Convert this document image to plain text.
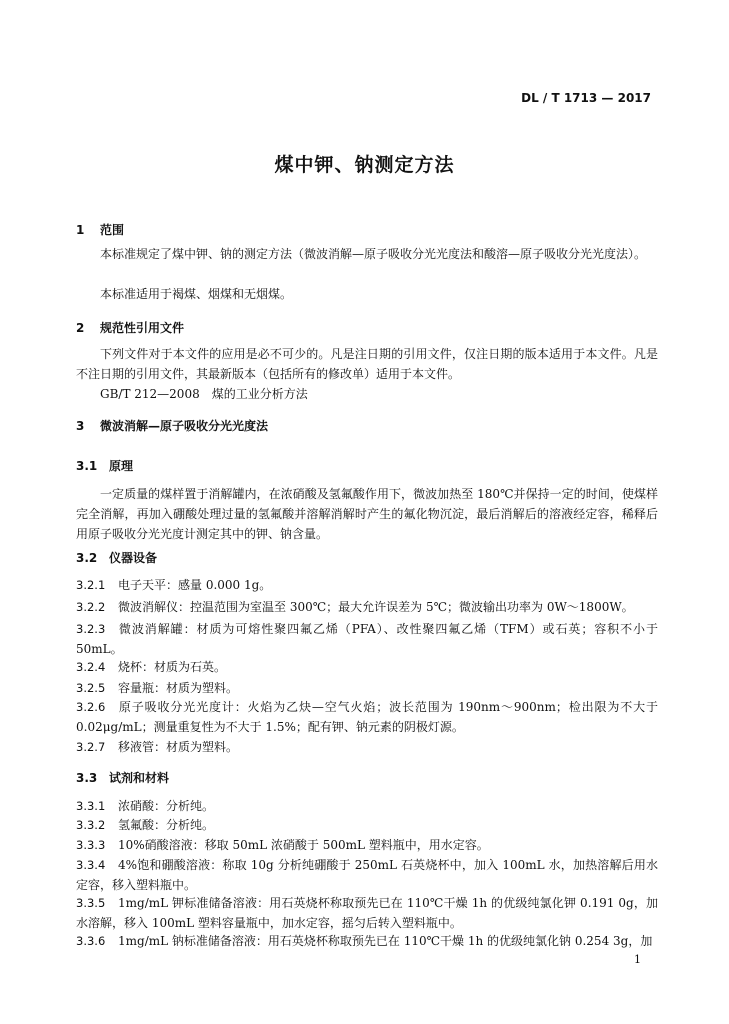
DL / T 1713 — 2017
煤中钾、钠测定方法
1 范围
本标准规定了煤中钾、钠的测定方法（微波消解—原子吸收分光光度法和酸溶—原子吸收分光光度法）。
本标准适用于褐煤、烟煤和无烟煤。
2 规范性引用文件
下列文件对于本文件的应用是必不可少的。凡是注日期的引用文件，仅注日期的版本适用于本文件。凡是不注日期的引用文件，其最新版本（包括所有的修改单）适用于本文件。
GB/T 212—2008　煤的工业分析方法
3 微波消解—原子吸收分光光度法
3.1 原理
一定质量的煤样置于消解罐内，在浓硝酸及氢氟酸作用下，微波加热至 180℃并保持一定的时间，使煤样完全消解，再加入硼酸处理过量的氢氟酸并溶解消解时产生的氟化物沉淀，最后消解后的溶液经定容，稀释后用原子吸收分光光度计测定其中的钾、钠含量。
3.2 仪器设备
3.2.1 电子天平：感量 0.000 1g。
3.2.2 微波消解仪：控温范围为室温至 300℃；最大允许误差为 5℃；微波输出功率为 0W～1800W。
3.2.3 微波消解罐：材质为可熔性聚四氟乙烯（PFA）、改性聚四氟乙烯（TFM）或石英；容积不小于 50mL。
3.2.4 烧杯：材质为石英。
3.2.5 容量瓶：材质为塑料。
3.2.6 原子吸收分光光度计：火焰为乙炔—空气火焰；波长范围为 190nm～900nm；检出限为不大于 0.02μg/mL；测量重复性为不大于 1.5%；配有钾、钠元素的阴极灯源。
3.2.7 移液管：材质为塑料。
3.3 试剂和材料
3.3.1 浓硝酸：分析纯。
3.3.2 氢氟酸：分析纯。
3.3.3 10%硝酸溶液：移取 50mL 浓硝酸于 500mL 塑料瓶中，用水定容。
3.3.4 4%饱和硼酸溶液：称取 10g 分析纯硼酸于 250mL 石英烧杯中，加入 100mL 水，加热溶解后用水定容，移入塑料瓶中。
3.3.5 1mg/mL 钾标准储备溶液：用石英烧杯称取预先已在 110℃干燥 1h 的优级纯氯化钾 0.191 0g，加水溶解，移入 100mL 塑料容量瓶中，加水定容，摇匀后转入塑料瓶中。
3.3.6 1mg/mL 钠标准储备溶液：用石英烧杯称取预先已在 110℃干燥 1h 的优级纯氯化钠 0.254 3g，加
1
